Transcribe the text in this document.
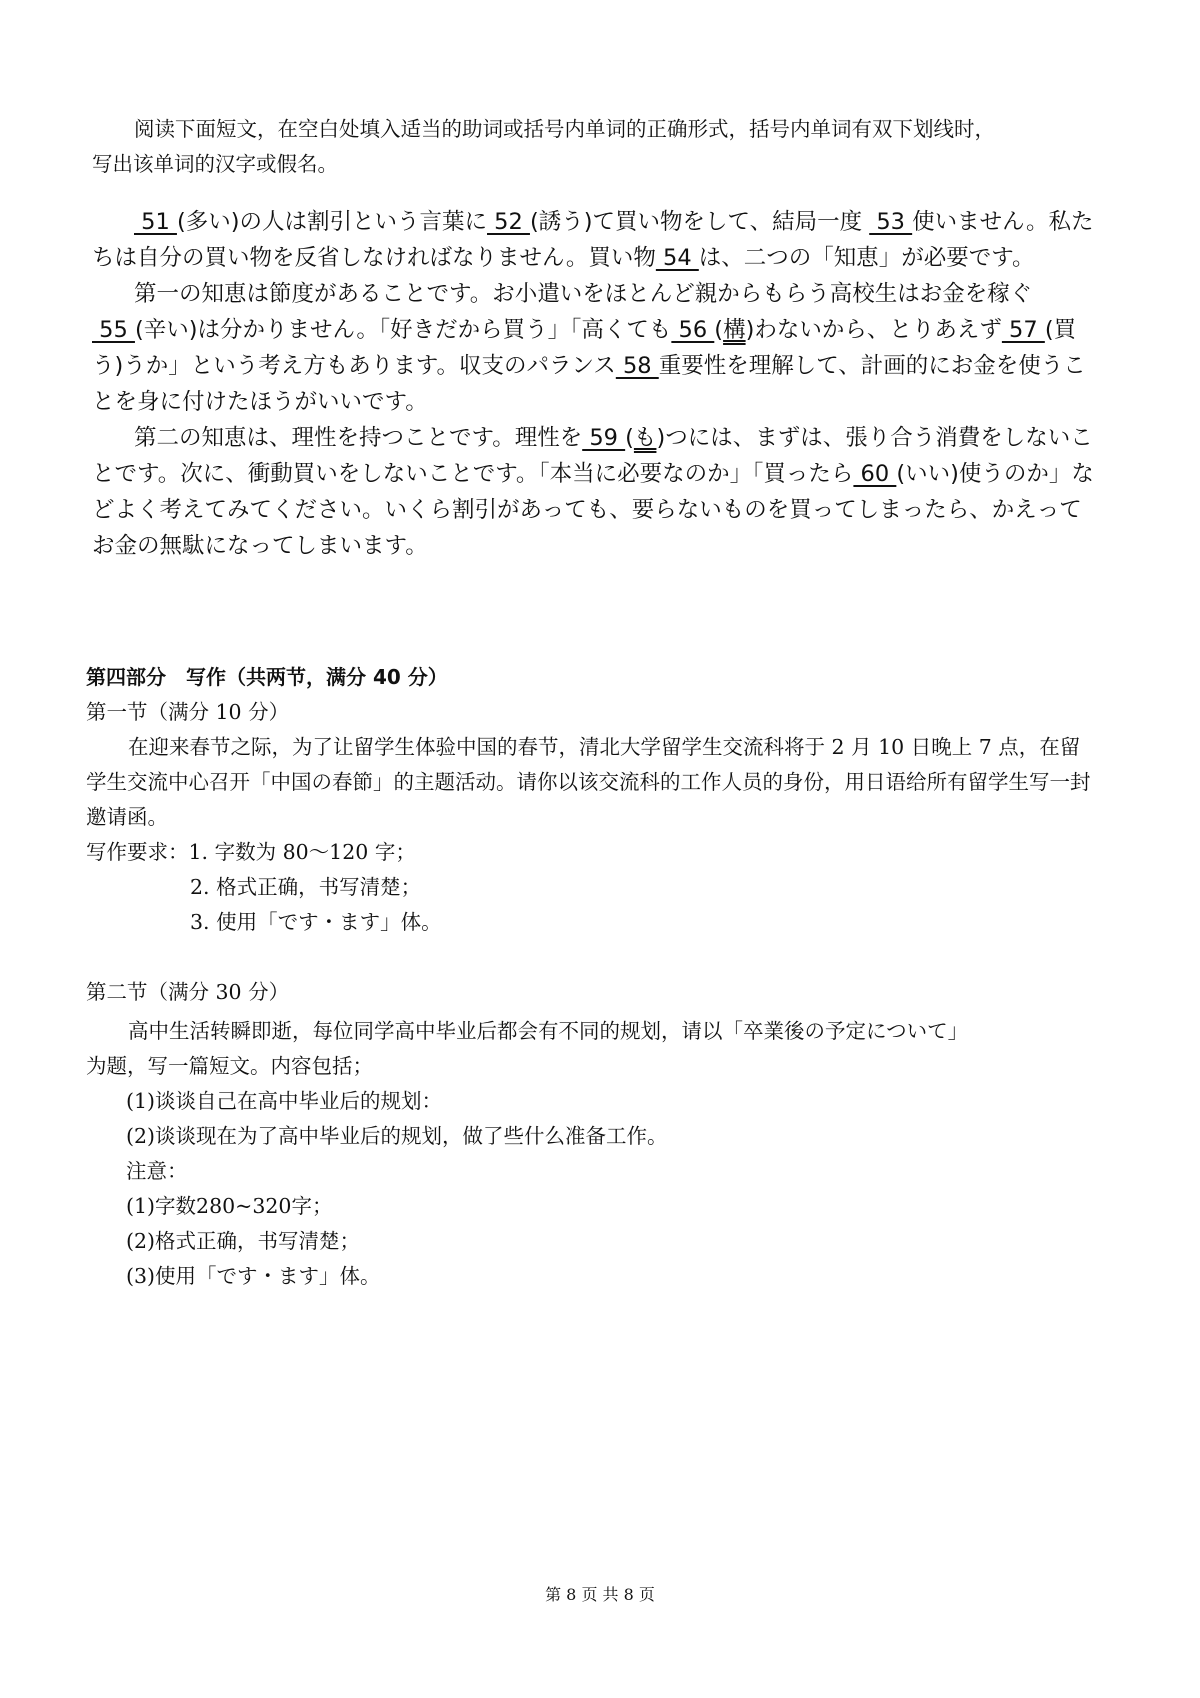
阅读下面短文，在空白处填入适当的助词或括号内单词的正确形式，括号内单词有双下划线时，

写出该单词的汉字或假名。

51 (多い)の人は割引という言葉に 52 (誘う)て買い物をして、結局一度  53 使いません。私たちは自分の買い物を反省しなければなりません。買い物 54 は、二つの「知恵」が必要です。

第一の知恵は節度があることです。お小遣いをほとんど親からもらう高校生はお金を稼ぐ 55 (辛い)は分かりません。「好きだから買う」「高くても 56 (構)わないから、とりあえず 57 (買う)うか」という考え方もあります。収支のパランス 58 重要性を理解して、計画的にお金を使うことを身に付けたほうがいいです。

第二の知恵は、理性を持つことです。理性を 59 (も)つには、まずは、張り合う消費をしないことです。次に、衝動買いをしないことです。「本当に必要なのか」「買ったら 60 (いい)使うのか」などよく考えてみてください。いくら割引があっても、要らないものを買ってしまったら、かえってお金の無駄になってしまいます。

第四部分　写作（共两节，满分 40 分）

第一节（满分 10 分）

在迎来春节之际，为了让留学生体验中国的春节，清北大学留学生交流科将于 2 月 10 日晚上 7 点，在留学生交流中心召开「中国の春節」的主题活动。请你以该交流科的工作人员的身份，用日语给所有留学生写一封邀请函。

写作要求：1. 字数为 80～120 字；

2. 格式正确，书写清楚；

3. 使用「です・ます」体。

第二节（满分 30 分）

高中生活转瞬即逝，每位同学高中毕业后都会有不同的规划，请以「卒業後の予定について」

为题，写一篇短文。内容包括；

(1)谈谈自己在高中毕业后的规划：

(2)谈谈现在为了高中毕业后的规划，做了些什么准备工作。

注意：

(1)字数280~320字；

(2)格式正确，书写清楚；

(3)使用「です・ます」体。

第 8 页 共 8 页
